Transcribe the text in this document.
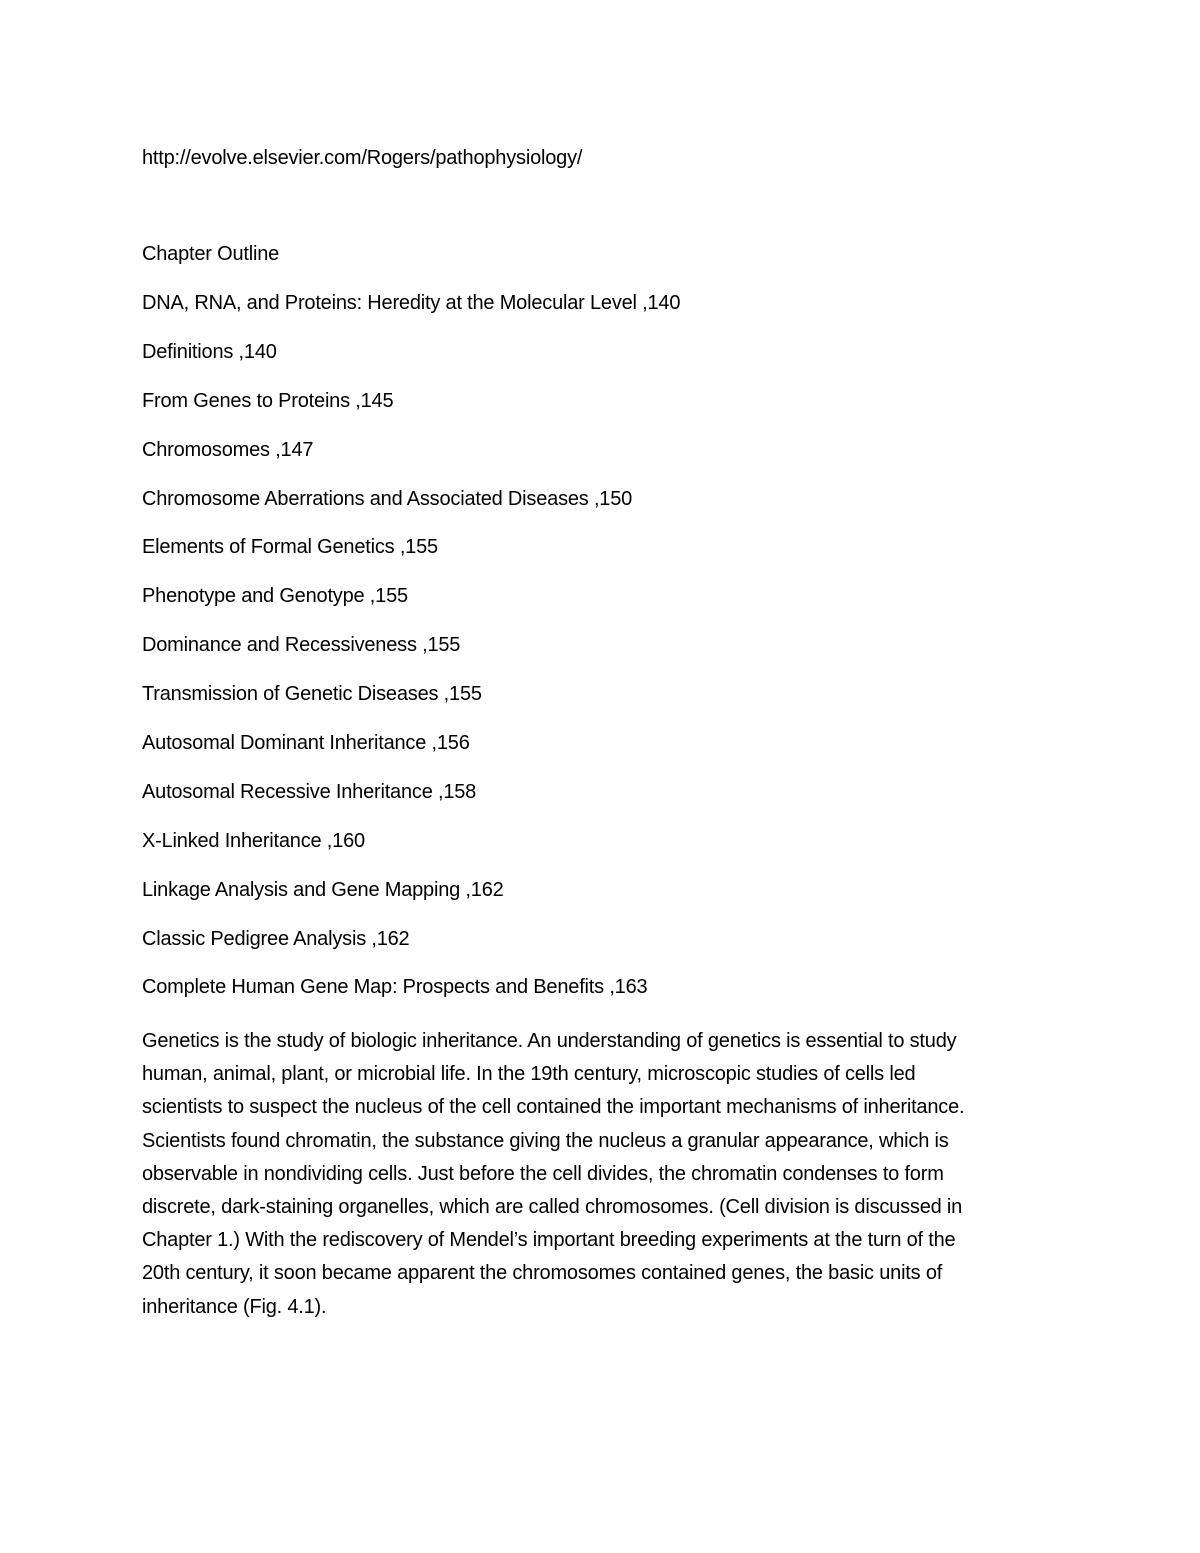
http://evolve.elsevier.com/Rogers/pathophysiology/
Chapter Outline
DNA, RNA, and Proteins: Heredity at the Molecular Level ,140
Definitions ,140
From Genes to Proteins ,145
Chromosomes ,147
Chromosome Aberrations and Associated Diseases ,150
Elements of Formal Genetics ,155
Phenotype and Genotype ,155
Dominance and Recessiveness ,155
Transmission of Genetic Diseases ,155
Autosomal Dominant Inheritance ,156
Autosomal Recessive Inheritance ,158
X-Linked Inheritance ,160
Linkage Analysis and Gene Mapping ,162
Classic Pedigree Analysis ,162
Complete Human Gene Map: Prospects and Benefits ,163

Genetics is the study of biologic inheritance. An understanding of genetics is essential to study
human, animal, plant, or microbial life. In the 19th century, microscopic studies of cells led
scientists to suspect the nucleus of the cell contained the important mechanisms of inheritance.
Scientists found chromatin, the substance giving the nucleus a granular appearance, which is
observable in nondividing cells. Just before the cell divides, the chromatin condenses to form
discrete, dark-staining organelles, which are called chromosomes. (Cell division is discussed in
Chapter 1.) With the rediscovery of Mendel’s important breeding experiments at the turn of the
20th century, it soon became apparent the chromosomes contained genes, the basic units of
inheritance (Fig. 4.1).
